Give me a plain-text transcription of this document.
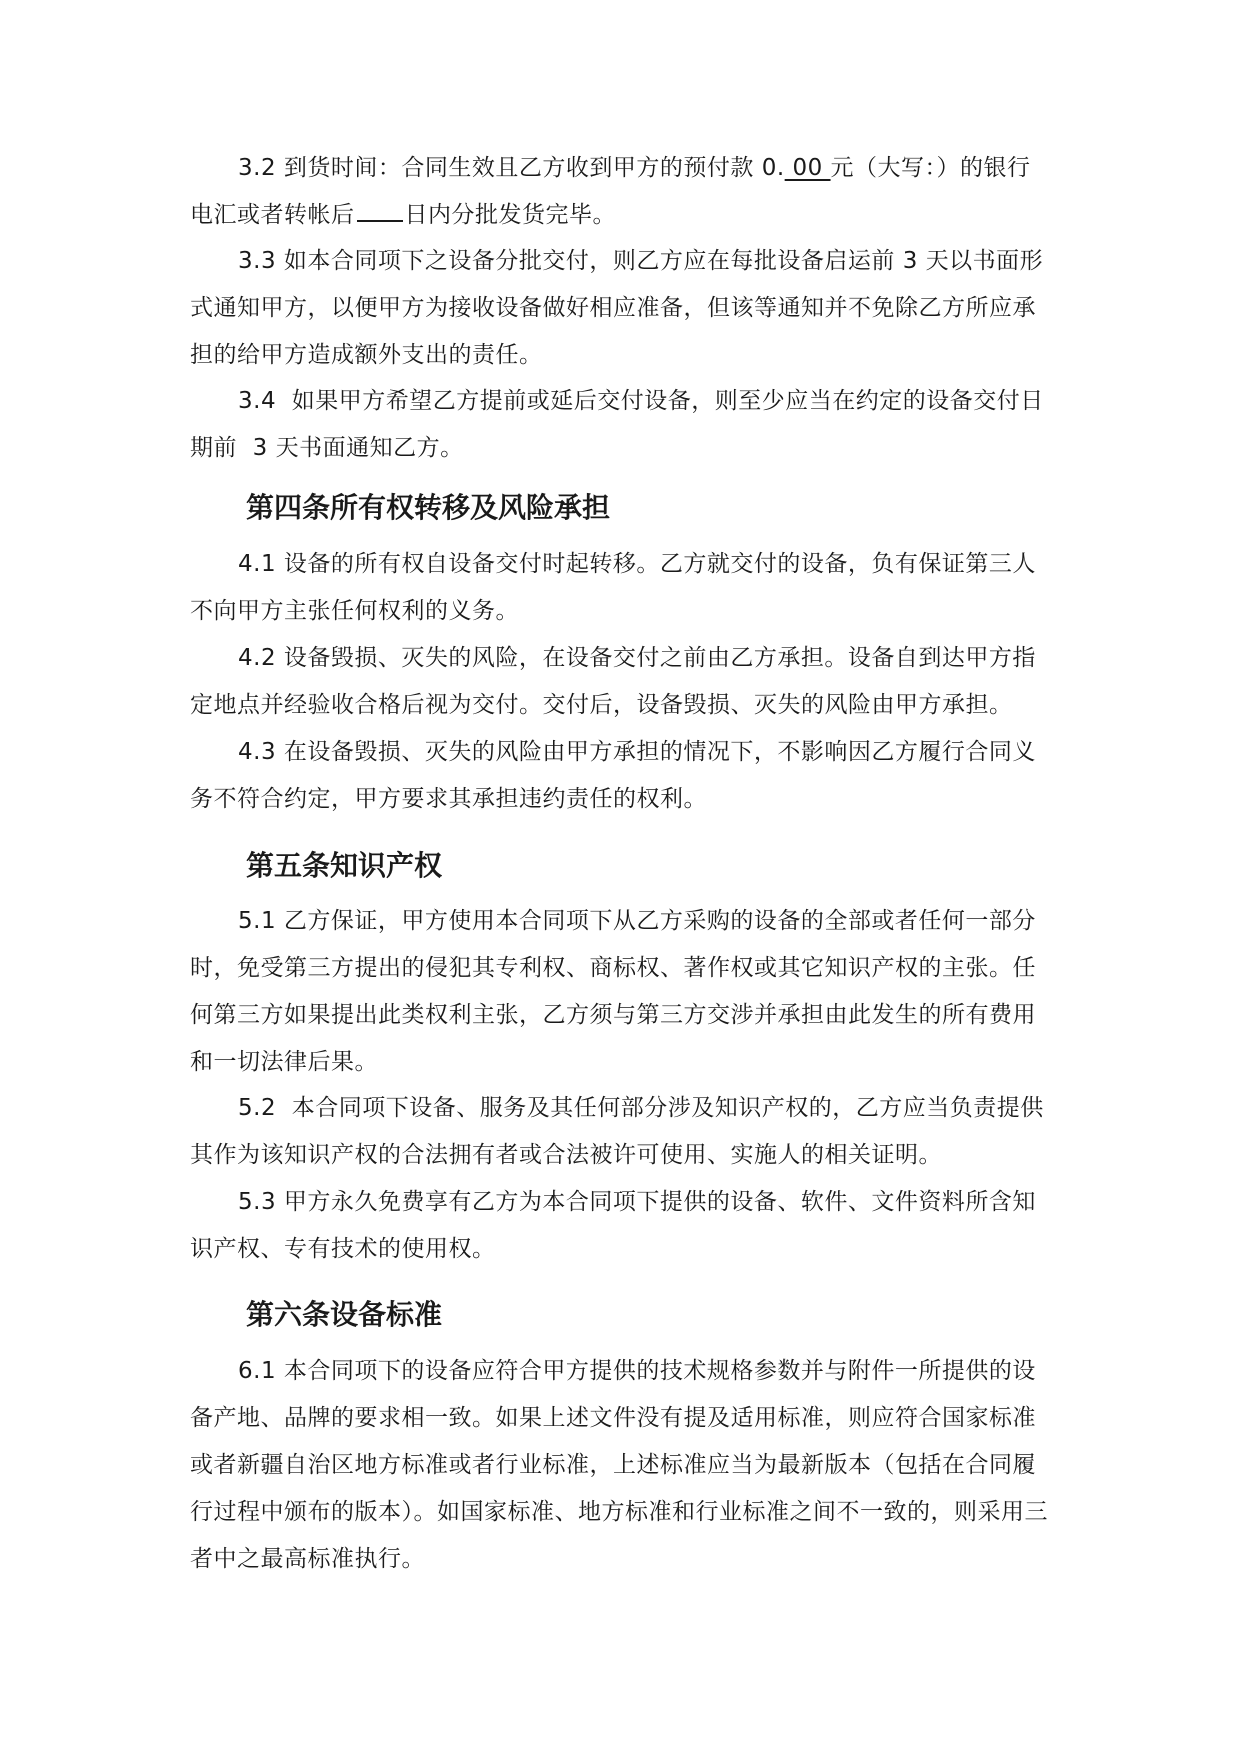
3.2 到货时间：合同生效且乙方收到甲方的预付款 0. 00 元（大写：）的银行电汇或者转帐后 日内分批发货完毕。

3.3 如本合同项下之设备分批交付，则乙方应在每批设备启运前 3 天以书面形式通知甲方，以便甲方为接收设备做好相应准备，但该等通知并不免除乙方所应承担的给甲方造成额外支出的责任。

3.4  如果甲方希望乙方提前或延后交付设备，则至少应当在约定的设备交付日期前  3 天书面通知乙方。

第四条所有权转移及风险承担

4.1 设备的所有权自设备交付时起转移。乙方就交付的设备，负有保证第三人不向甲方主张任何权利的义务。

4.2 设备毁损、灭失的风险，在设备交付之前由乙方承担。设备自到达甲方指定地点并经验收合格后视为交付。交付后，设备毁损、灭失的风险由甲方承担。

4.3 在设备毁损、灭失的风险由甲方承担的情况下，不影响因乙方履行合同义务不符合约定，甲方要求其承担违约责任的权利。

第五条知识产权

5.1 乙方保证，甲方使用本合同项下从乙方采购的设备的全部或者任何一部分时，免受第三方提出的侵犯其专利权、商标权、著作权或其它知识产权的主张。任何第三方如果提出此类权利主张，乙方须与第三方交涉并承担由此发生的所有费用和一切法律后果。

5.2  本合同项下设备、服务及其任何部分涉及知识产权的，乙方应当负责提供其作为该知识产权的合法拥有者或合法被许可使用、实施人的相关证明。

5.3 甲方永久免费享有乙方为本合同项下提供的设备、软件、文件资料所含知识产权、专有技术的使用权。

第六条设备标准

6.1 本合同项下的设备应符合甲方提供的技术规格参数并与附件一所提供的设备产地、品牌的要求相一致。如果上述文件没有提及适用标准，则应符合国家标准或者新疆自治区地方标准或者行业标准，上述标准应当为最新版本（包括在合同履行过程中颁布的版本）。如国家标准、地方标准和行业标准之间不一致的，则采用三者中之最高标准执行。
